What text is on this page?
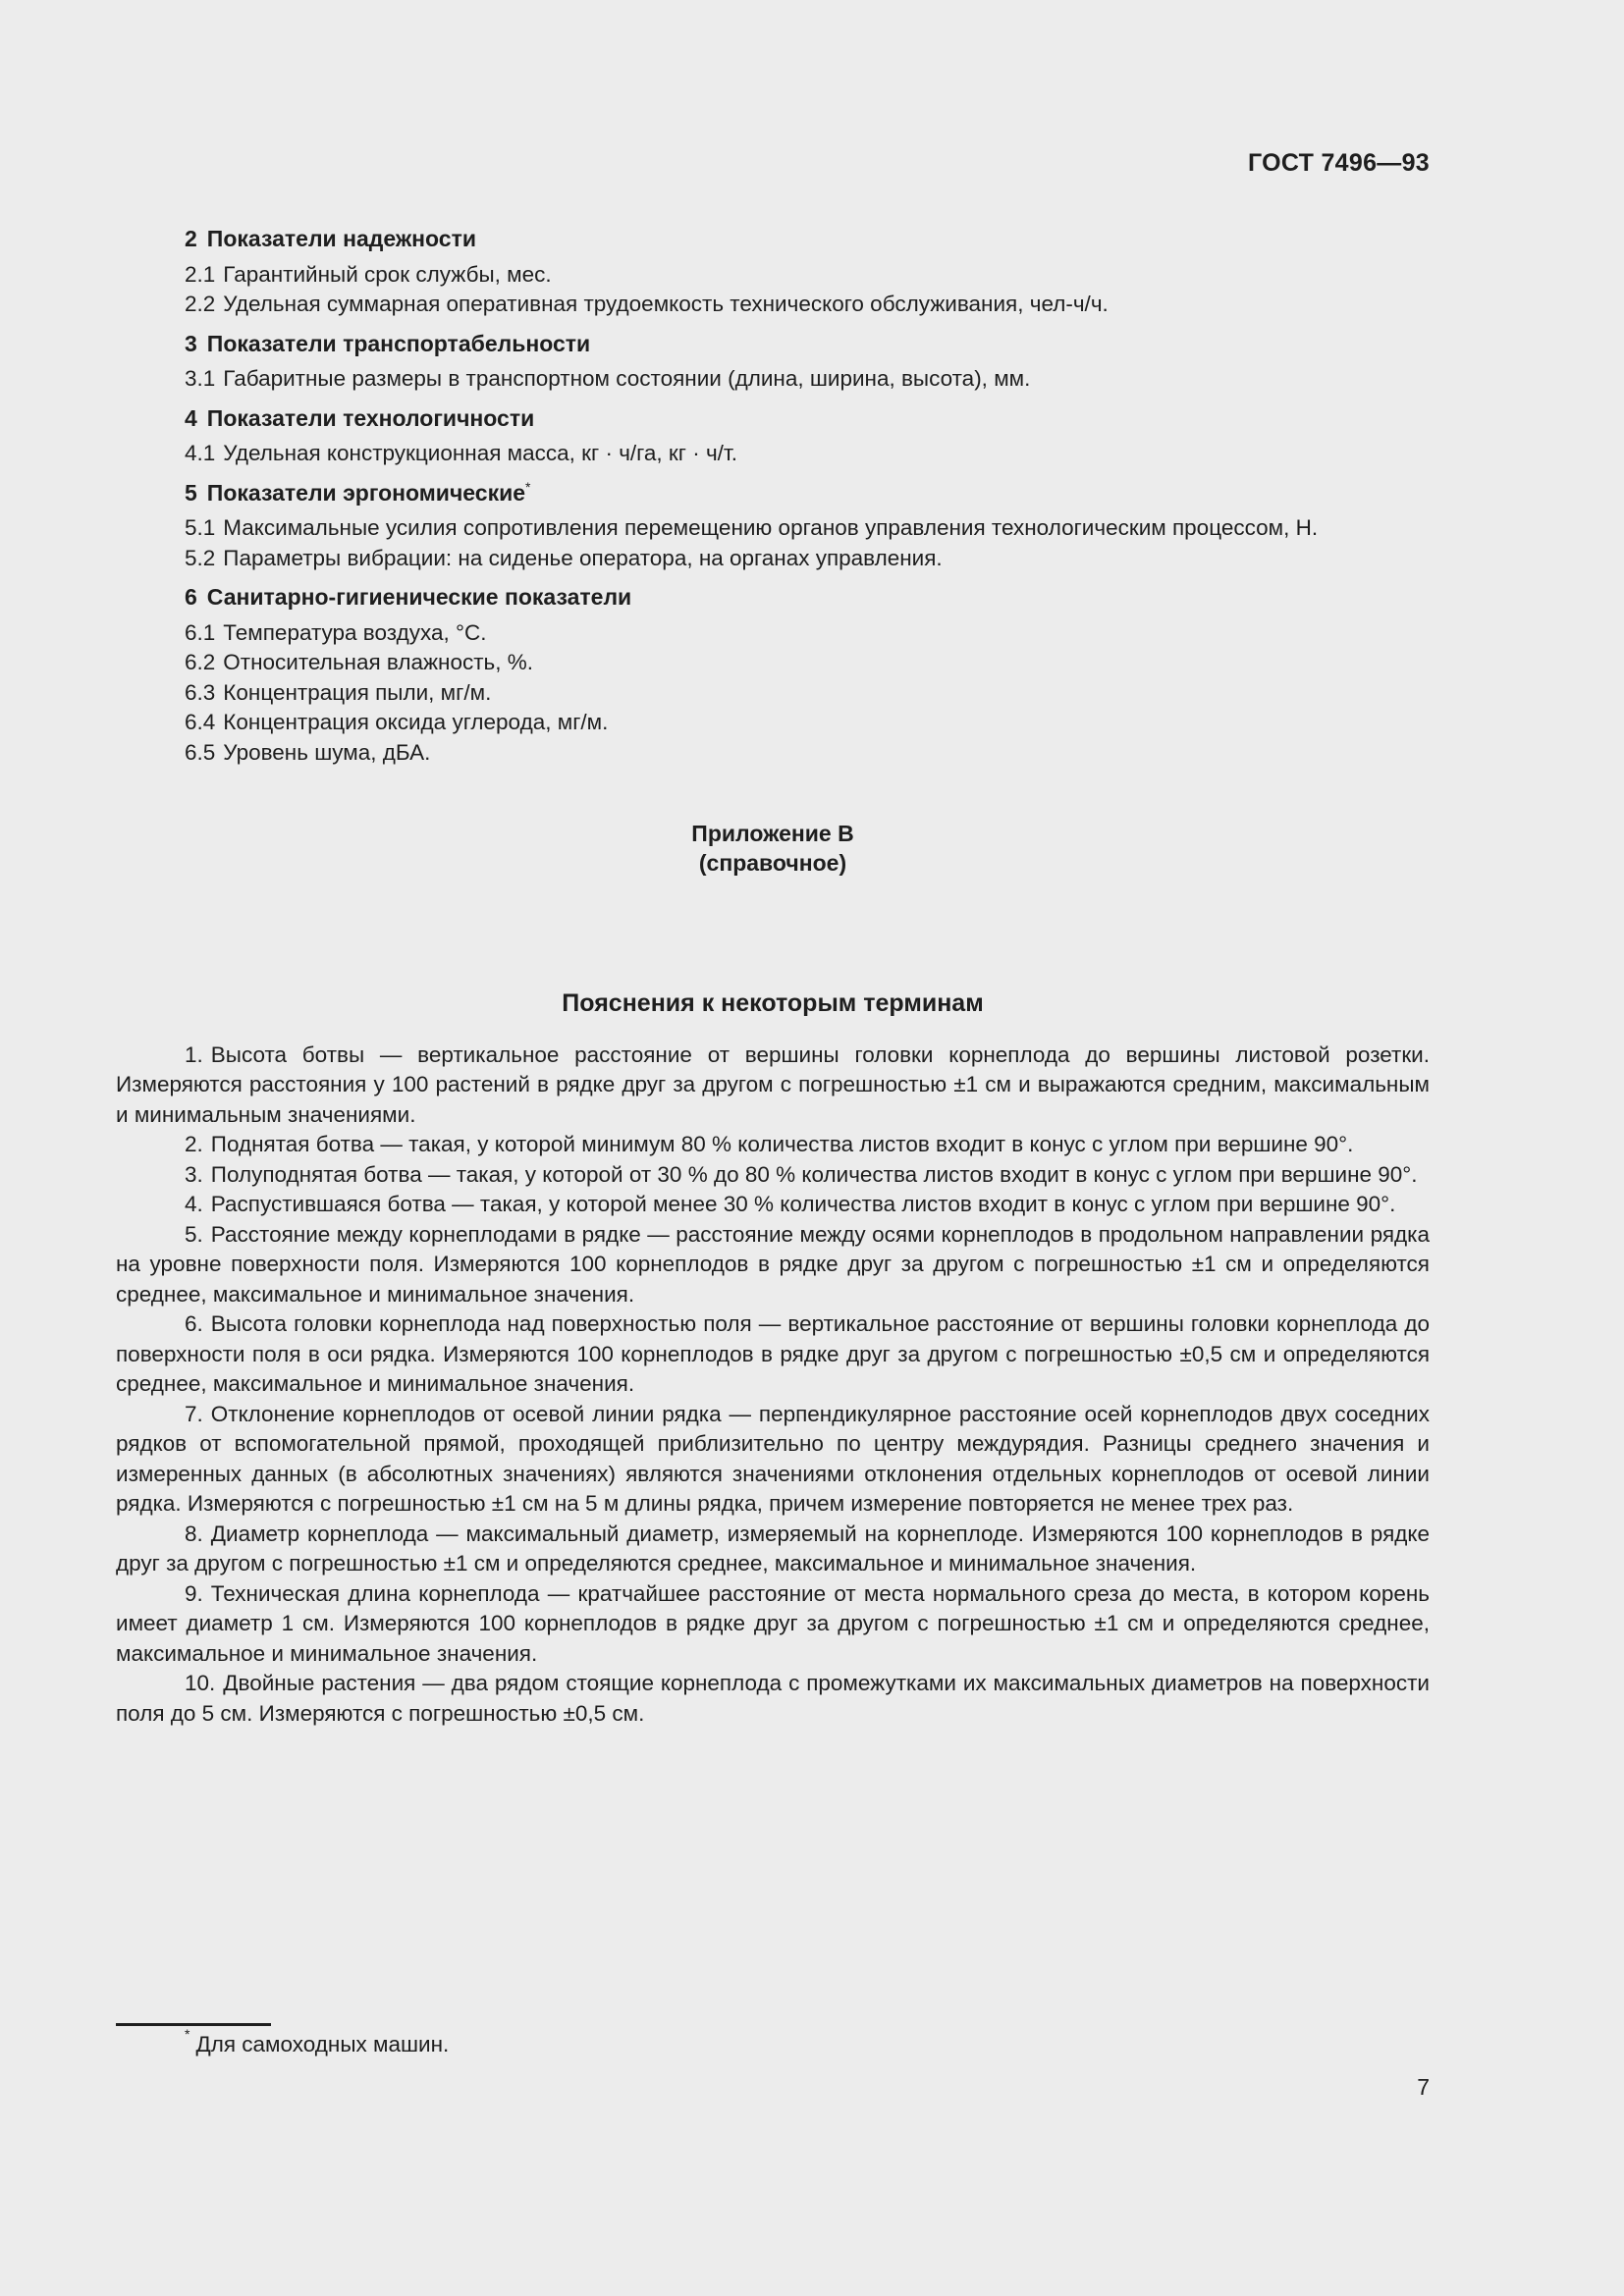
ГОСТ 7496—93
2 Показатели надежности
2.1 Гарантийный срок службы, мес.
2.2 Удельная суммарная оперативная трудоемкость технического обслуживания, чел-ч/ч.
3 Показатели транспортабельности
3.1 Габаритные размеры в транспортном состоянии (длина, ширина, высота), мм.
4 Показатели технологичности
4.1 Удельная конструкционная масса, кг · ч/га, кг · ч/т.
5 Показатели эргономические*
5.1 Максимальные усилия сопротивления перемещению органов управления технологическим процессом, Н.
5.2 Параметры вибрации: на сиденье оператора, на органах управления.
6 Санитарно-гигиенические показатели
6.1 Температура воздуха, °С.
6.2 Относительная влажность, %.
6.3 Концентрация пыли, мг/м.
6.4 Концентрация оксида углерода, мг/м.
6.5 Уровень шума, дБА.
Приложение В
(справочное)
Пояснения к некоторым терминам
1. Высота ботвы — вертикальное расстояние от вершины головки корнеплода до вершины листовой розетки. Измеряются расстояния у 100 растений в рядке друг за другом с погрешностью ±1 см и выражаются средним, максимальным и минимальным значениями.
2. Поднятая ботва — такая, у которой минимум 80 % количества листов входит в конус с углом при вершине 90°.
3. Полуподнятая ботва — такая, у которой от 30 % до 80 % количества листов входит в конус с углом при вершине 90°.
4. Распустившаяся ботва — такая, у которой менее 30 % количества листов входит в конус с углом при вершине 90°.
5. Расстояние между корнеплодами в рядке — расстояние между осями корнеплодов в продольном направлении рядка на уровне поверхности поля. Измеряются 100 корнеплодов в рядке друг за другом с погрешностью ±1 см и определяются среднее, максимальное и минимальное значения.
6. Высота головки корнеплода над поверхностью поля — вертикальное расстояние от вершины головки корнеплода до поверхности поля в оси рядка. Измеряются 100 корнеплодов в рядке друг за другом с погрешностью ±0,5 см и определяются среднее, максимальное и минимальное значения.
7. Отклонение корнеплодов от осевой линии рядка — перпендикулярное расстояние осей корнеплодов двух соседних рядков от вспомогательной прямой, проходящей приблизительно по центру междурядия. Разницы среднего значения и измеренных данных (в абсолютных значениях) являются значениями отклонения отдельных корнеплодов от осевой линии рядка. Измеряются с погрешностью ±1 см на 5 м длины рядка, причем измерение повторяется не менее трех раз.
8. Диаметр корнеплода — максимальный диаметр, измеряемый на корнеплоде. Измеряются 100 корнеплодов в рядке друг за другом с погрешностью ±1 см и определяются среднее, максимальное и минимальное значения.
9. Техническая длина корнеплода — кратчайшее расстояние от места нормального среза до места, в котором корень имеет диаметр 1 см. Измеряются 100 корнеплодов в рядке друг за другом с погрешностью ±1 см и определяются среднее, максимальное и минимальное значения.
10. Двойные растения — два рядом стоящие корнеплода с промежутками их максимальных диаметров на поверхности поля до 5 см. Измеряются с погрешностью ±0,5 см.
* Для самоходных машин.
7
